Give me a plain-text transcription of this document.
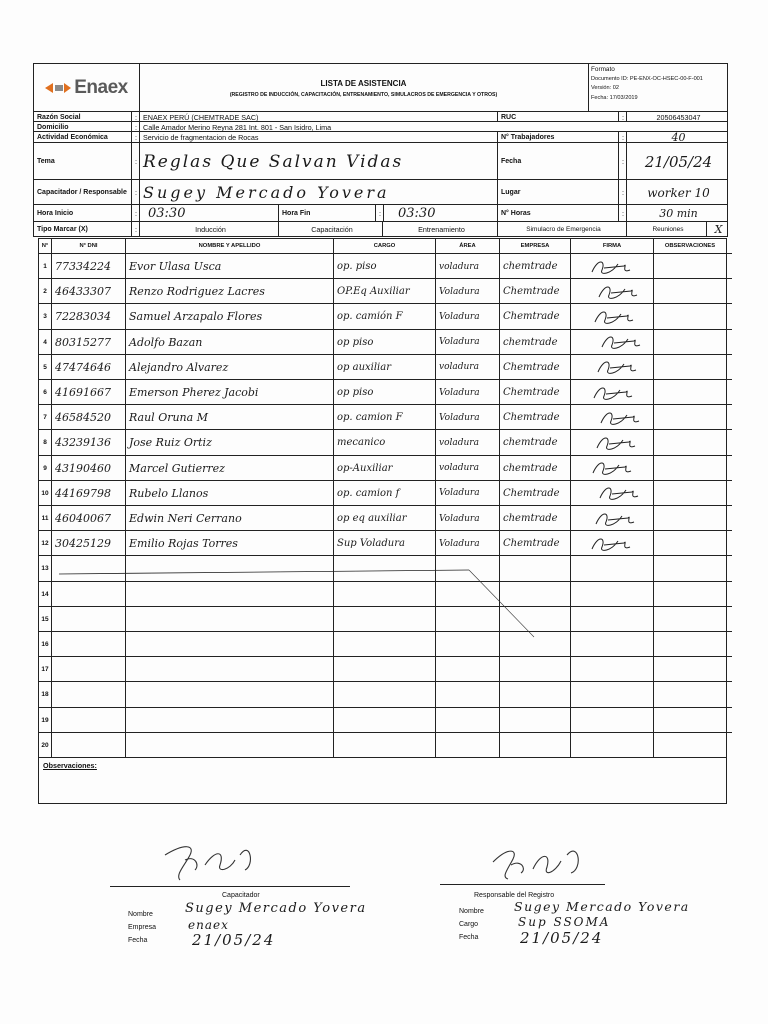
Enaex	LISTA DE ASISTENCIA
(REGISTRO DE INDUCCIÓN, CAPACITACIÓN, ENTRENAMIENTO, SIMULACROS DE EMERGENCIA Y OTROS)
Formato
Documento ID: PE-ENX-OC-HSEC-00-F-001
Versión: 02
Fecha: 17/03/2019
Razón Social	: ENAEX PERÚ (CHEMTRADE SAC)	RUC	:	20506453047
Domicilio	: Calle Amador Merino Reyna 281 Int. 801 - San Isidro, Lima
Actividad Económica	: Servicio de fragmentacion de Rocas	N° Trabajadores	:	40
Tema	: Reglas Que Salvan Vidas	Fecha	:	21/05/24
Capacitador / Responsable	: Sugey Mercado Yovera	Lugar	:	worker 10
Hora Inicio	: 03:30	Hora Fin	:	03:30	N° Horas	:	30 min
Tipo Marcar (X)	:	Inducción	Capacitación	Entrenamiento	Simulacro de Emergencia	Reuniones	X
N°	N° DNI	NOMBRE Y APELLIDO	CARGO	ÁREA	EMPRESA	FIRMA	OBSERVACIONES
1 77334224	Evor Ulasa Usca	op. piso	voladura	chemtrade
2 46433307	Renzo Rodriguez Lacres	OP.Eq Auxiliar	Voladura	Chemtrade
3 72283034	Samuel Arzapalo Flores	op. camión F	Voladura	Chemtrade
4 80315277	Adolfo Bazan	op piso	Voladura	chemtrade
5 47474646	Alejandro Alvarez	op auxiliar	voladura	Chemtrade
6 41691667	Emerson Pherez Jacobi	op piso	Voladura	Chemtrade
7 46584520	Raul Oruna M	op. camion F	Voladura	Chemtrade
8 43239136	Jose Ruiz Ortiz	mecanico	voladura	chemtrade
9 43190460	Marcel Gutierrez	op-Auxiliar	voladura	chemtrade
10 44169798	Rubelo Llanos	op. camion f	Voladura	Chemtrade
11 46040067	Edwin Neri Cerrano	op eq auxiliar	Voladura	chemtrade
12 30425129	Emilio Rojas Torres	Sup Voladura	Voladura	Chemtrade
13
14
15
16
17
18
19
20
Observaciones:
Capacitador
Nombre Sugey Mercado Yovera
Empresa	enaex
Fecha	21/05/24
Responsable del Registro
Nombre Sugey Mercado Yovera
Cargo	Sup SSOMA
Fecha	21/05/24
